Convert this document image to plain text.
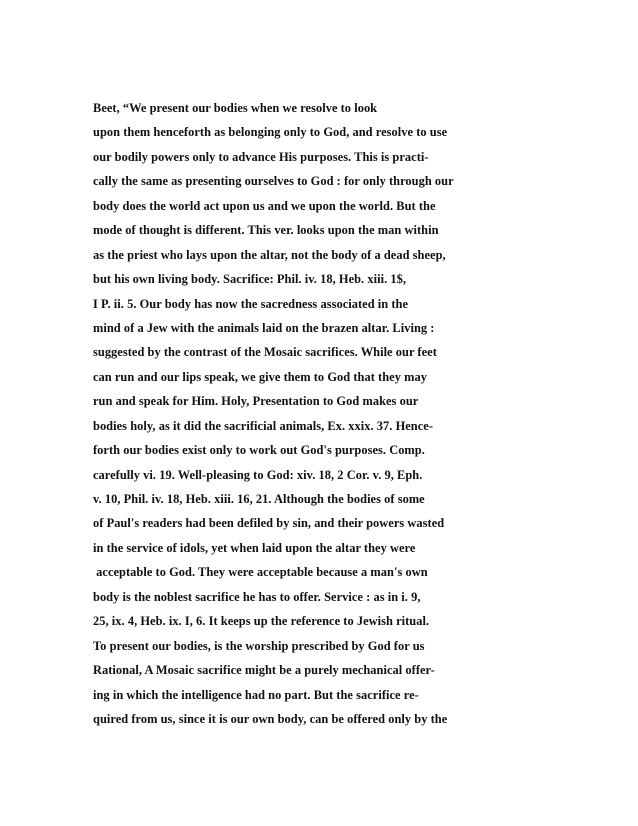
Beet, “We present our bodies when we resolve to look
upon them henceforth as belonging only to God, and resolve to use
our bodily powers only to advance His purposes. This is practi-
cally the same as presenting ourselves to God : for only through our
body does the world act upon us and we upon the world. But the
mode of thought is different. This ver. looks upon the man within
as the priest who lays upon the altar, not the body of a dead sheep,
but his own living body. Sacrifice: Phil. iv. 18, Heb. xiii. 1$,
I P. ii. 5. Our body has now the sacredness associated in the
mind of a Jew with the animals laid on the brazen altar. Living :
suggested by the contrast of the Mosaic sacrifices. While our feet
can run and our lips speak, we give them to God that they may
run and speak for Him. Holy, Presentation to God makes our
bodies holy, as it did the sacrificial animals, Ex. xxix. 37. Hence-
forth our bodies exist only to work out God's purposes. Comp.
carefully vi. 19. Well-pleasing to God: xiv. 18, 2 Cor. v. 9, Eph.
v. 10, Phil. iv. 18, Heb. xiii. 16, 21. Although the bodies of some
of Paul's readers had been defiled by sin, and their powers wasted
in the service of idols, yet when laid upon the altar they were
acceptable to God. They were acceptable because a man's own
body is the noblest sacrifice he has to offer. Service : as in i. 9,
25, ix. 4, Heb. ix. I, 6. It keeps up the reference to Jewish ritual.
To present our bodies, is the worship prescribed by God for us
Rational, A Mosaic sacrifice might be a purely mechanical offer-
ing in which the intelligence had no part. But the sacrifice re-
quired from us, since it is our own body, can be offered only by the
